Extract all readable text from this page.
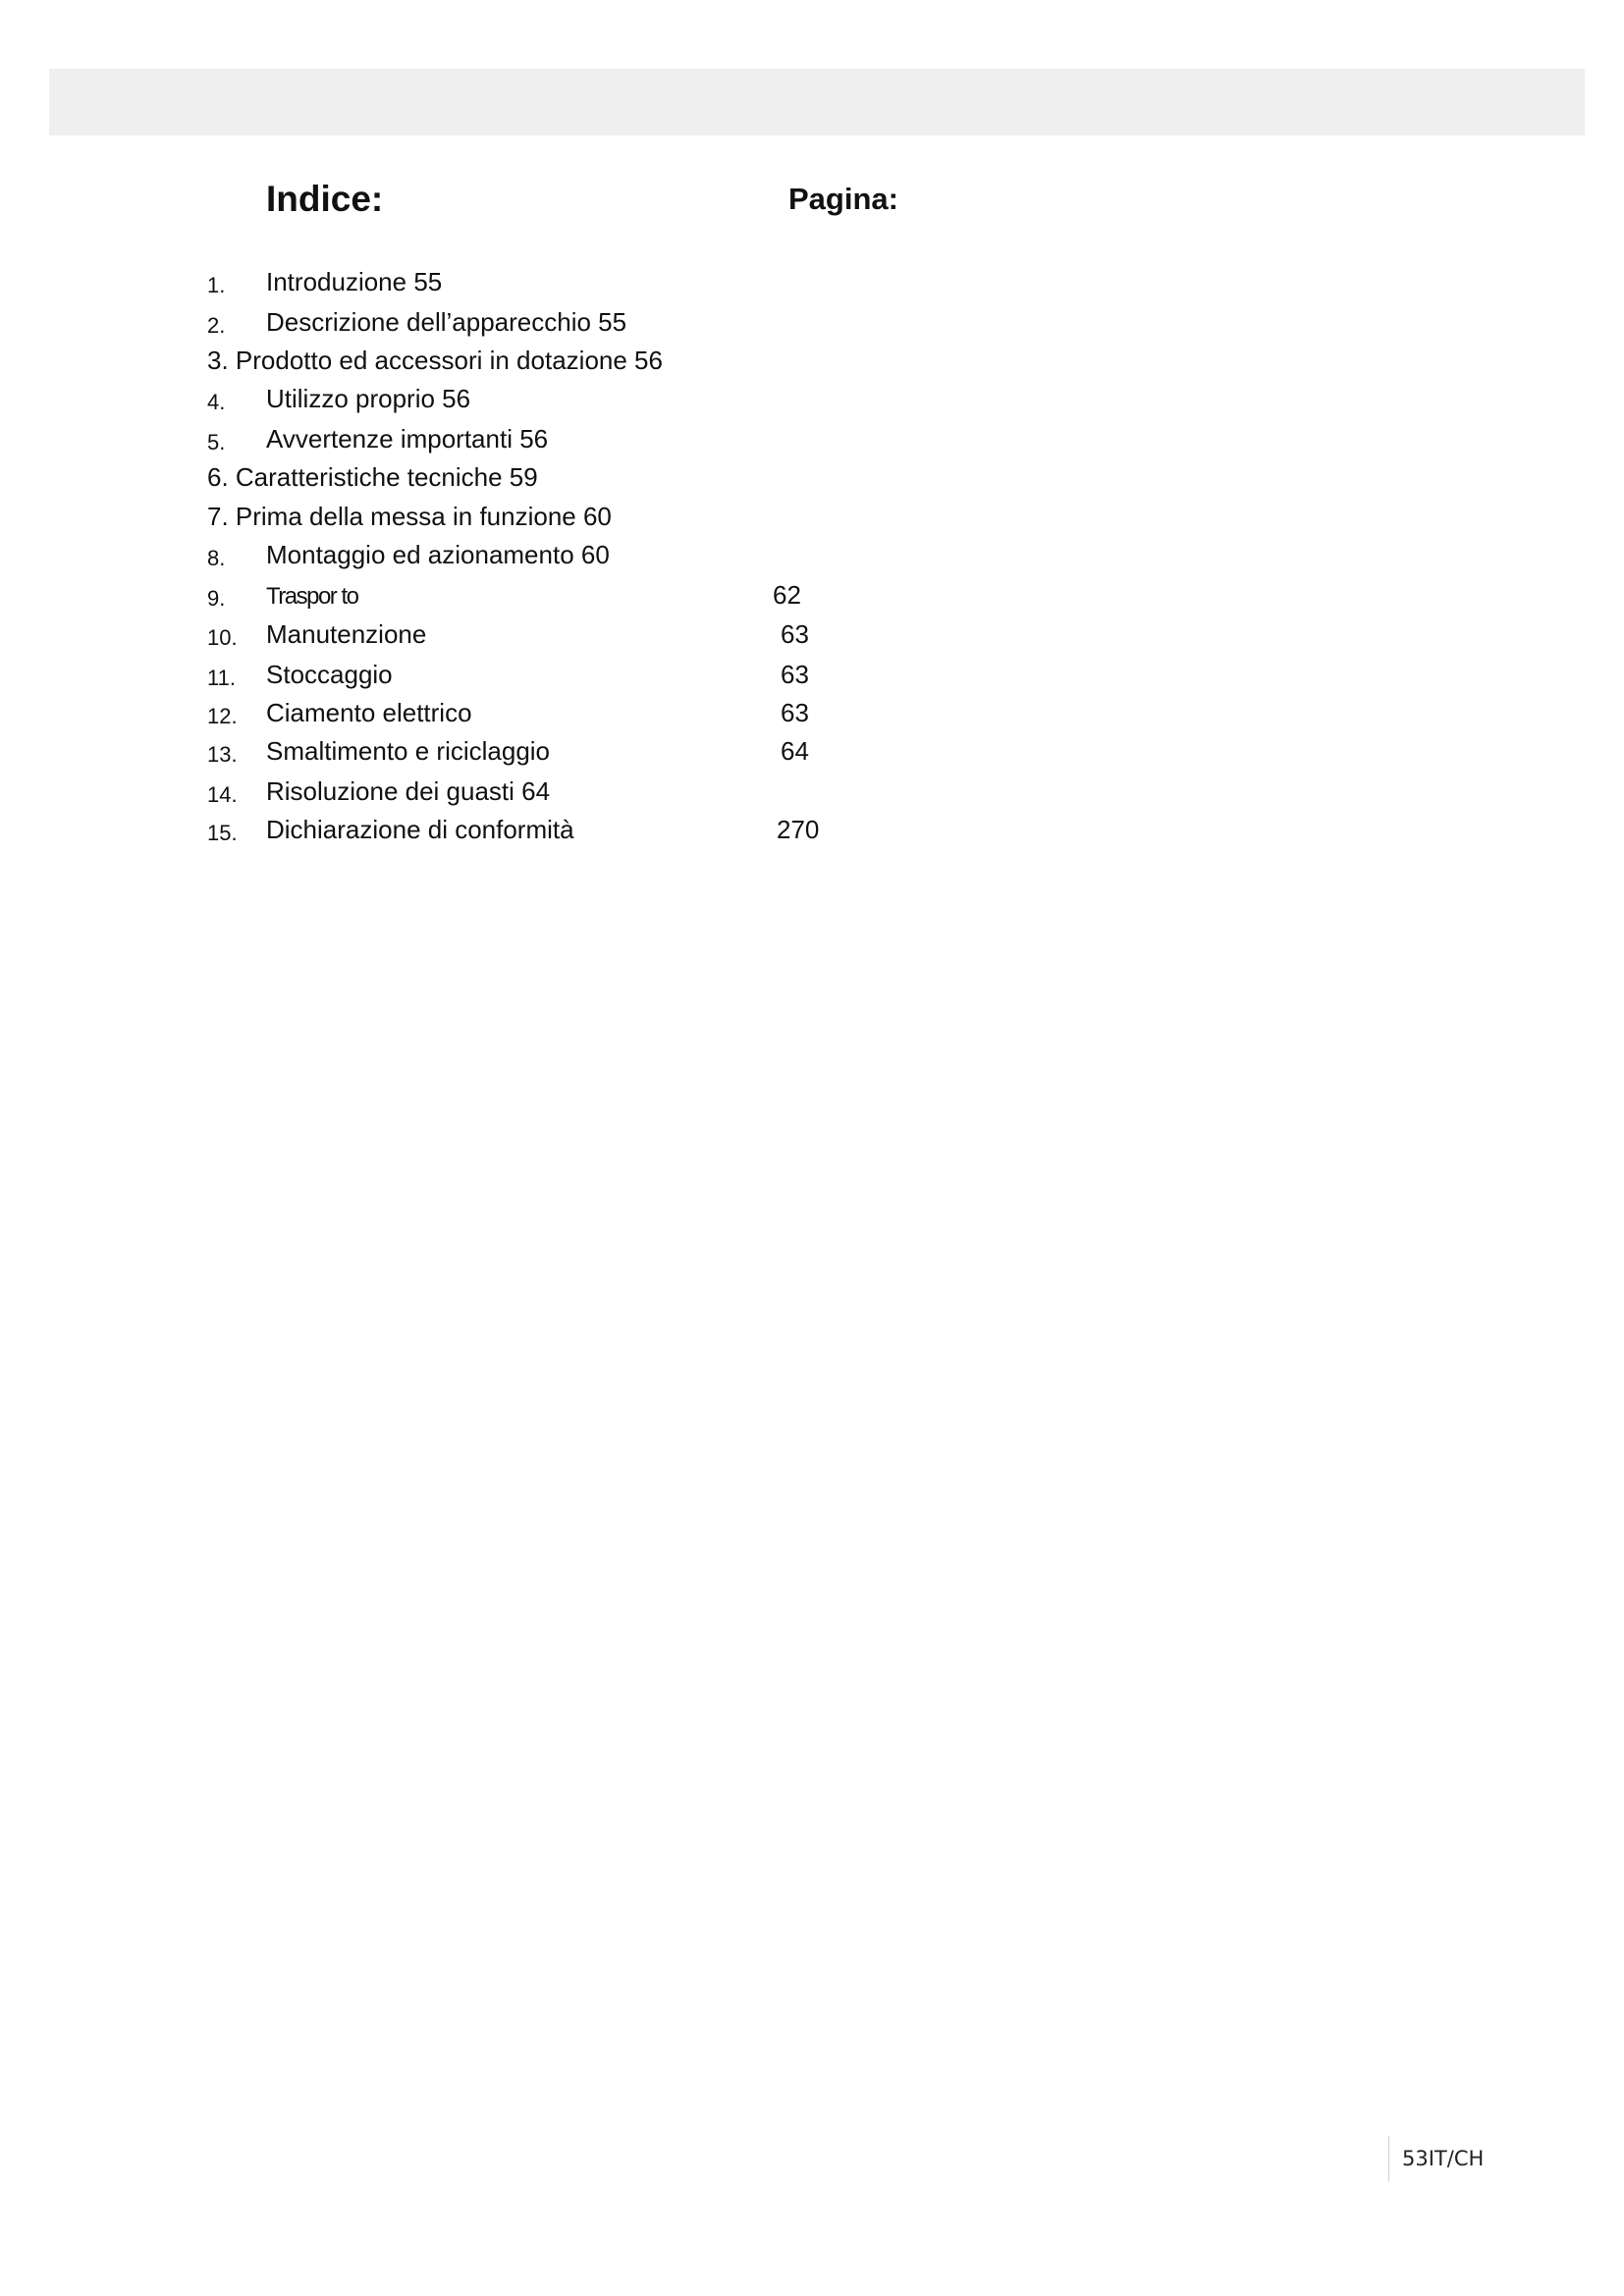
Indice:	Pagina:
1. Introduzione 55
2. Descrizione dell’apparecchio 55
3. Prodotto ed accessori in dotazione 56
4. Utilizzo proprio 56
5. Avvertenze importanti 56
6. Caratteristiche tecniche 59
7. Prima della messa in funzione 60
8. Montaggio ed azionamento 60
9. Traspor to	62
10. Manutenzione	63
11. Stoccaggio	63
12. Ciamento elettrico	63
13. Smaltimento e riciclaggio	64
14. Risoluzione dei guasti 64
15. Dichiarazione di conformità	270
53IT/CH
